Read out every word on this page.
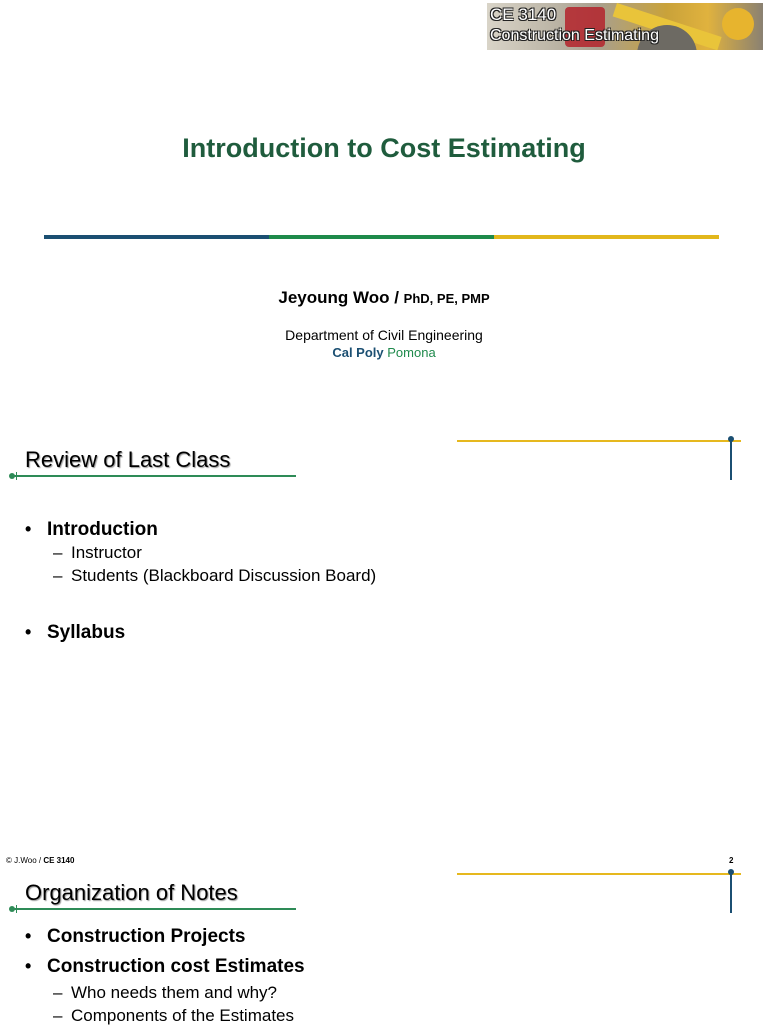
CE 3140
Construction Estimating
Introduction to Cost Estimating
Jeyoung Woo / PhD, PE, PMP
Department of Civil Engineering
Cal Poly Pomona
Review of Last Class
• Introduction
– Instructor
– Students (Blackboard Discussion Board)
• Syllabus
© J.Woo / CE 3140	2
Organization of Notes
• Construction Projects
• Construction cost Estimates
– Who needs them and why?
– Components of the Estimates
